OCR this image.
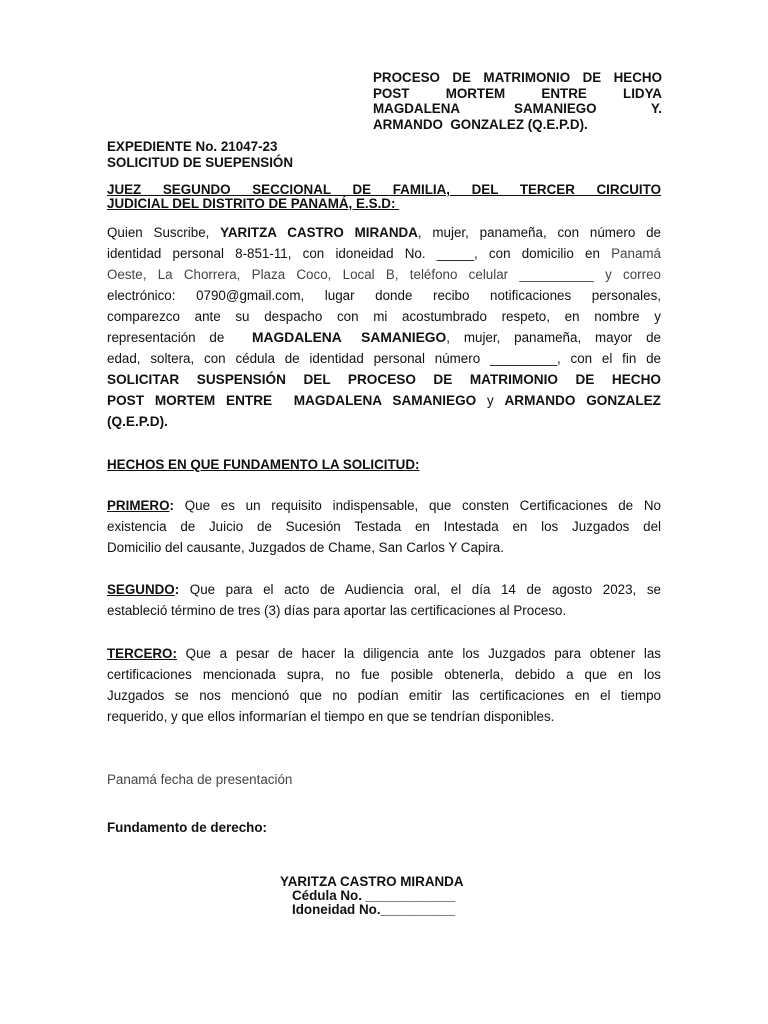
PROCESO DE MATRIMONIO DE HECHO
POST	MORTEM	ENTRE	LIDYA
MAGDALENA	SAMANIEGO	Y.
ARMANDO  GONZALEZ (Q.E.P.D).
EXPEDIENTE No. 21047-23
SOLICITUD DE SUEPENSIÓN
JUEZ SEGUNDO SECCIONAL DE FAMILIA, DEL TERCER CIRCUITO
JUDICIAL DEL DISTRITO DE PANAMÁ, E.S.D:
Quien Suscribe, YARITZA CASTRO MIRANDA, mujer, panameña, con número de
identidad personal 8-851-11, con idoneidad No. _____, con domicilio en Panamá
Oeste, La Chorrera, Plaza Coco, Local B, teléfono celular __________ y correo
electrónico: 0790@gmail.com, lugar donde recibo notificaciones personales,
comparezco ante su despacho con mi acostumbrado respeto, en nombre y
representación de  MAGDALENA SAMANIEGO, mujer, panameña, mayor de
edad, soltera, con cédula de identidad personal número _________, con el fin de
SOLICITAR SUSPENSIÓN DEL PROCESO DE MATRIMONIO DE HECHO
POST MORTEM ENTRE  MAGDALENA SAMANIEGO y ARMANDO GONZALEZ
(Q.E.P.D).
HECHOS EN QUE FUNDAMENTO LA SOLICITUD:
PRIMERO: Que es un requisito indispensable, que consten Certificaciones de No
existencia de Juicio de Sucesión Testada en Intestada en los Juzgados del
Domicilio del causante, Juzgados de Chame, San Carlos Y Capira.
SEGUNDO: Que para el acto de Audiencia oral, el día 14 de agosto 2023, se
estableció término de tres (3) días para aportar las certificaciones al Proceso.
TERCERO: Que a pesar de hacer la diligencia ante los Juzgados para obtener las
certificaciones mencionada supra, no fue posible obtenerla, debido a que en los
Juzgados se nos mencionó que no podían emitir las certificaciones en el tiempo
requerido, y que ellos informarían el tiempo en que se tendrían disponibles.
Panamá fecha de presentación
Fundamento de derecho:
YARITZA CASTRO MIRANDA
Cédula No. ____________
Idoneidad No.__________
